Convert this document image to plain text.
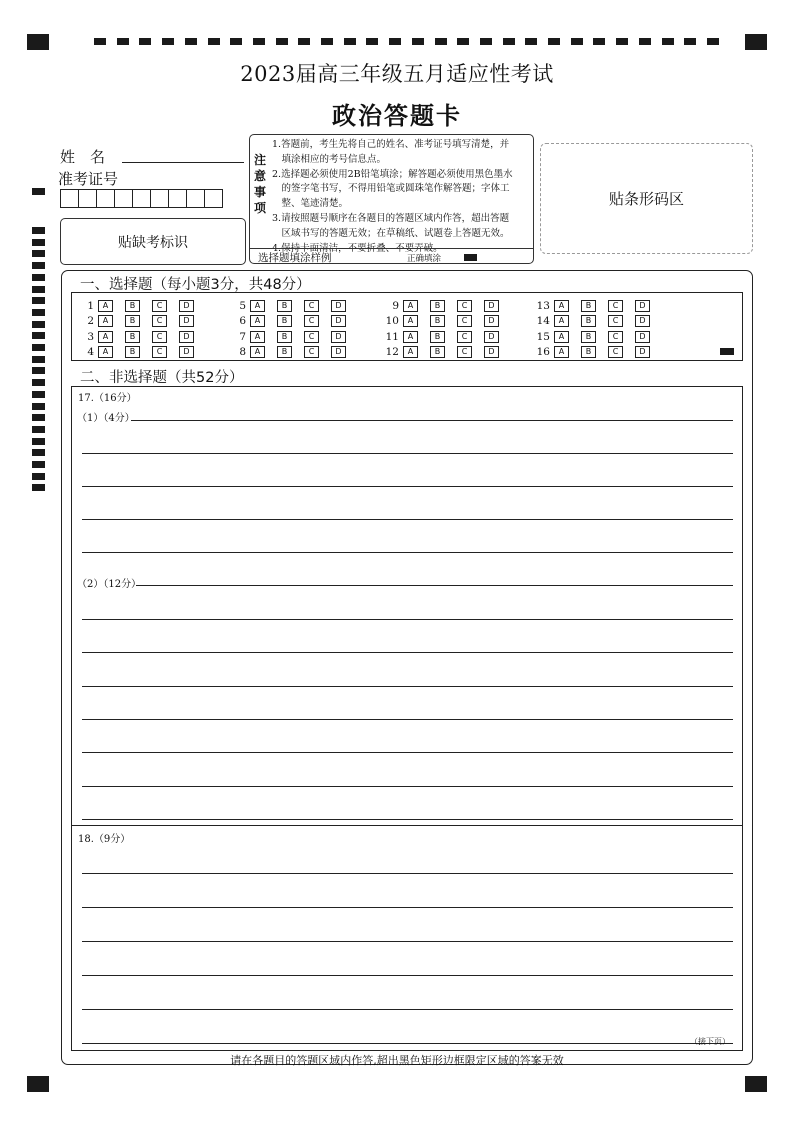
2023届高三年级五月适应性考试
政治答题卡
姓　名
准考证号
贴缺考标识
注
意
事
项
1.答题前，考生先将自己的姓名、准考证号填写清楚，并
　填涂相应的考号信息点。
2.选择题必须使用2B铅笔填涂；解答题必须使用黑色墨水
　的签字笔书写，不得用铅笔或圆珠笔作解答题；字体工
　整、笔迹清楚。
3.请按照题号顺序在各题目的答题区域内作答，超出答题
　区域书写的答题无效；在草稿纸、试题卷上答题无效。
4.保持卡面清洁，不要折叠、不要弄破。
选择题填涂样例	正确填涂
贴条形码区
一、选择题（每小题3分，共48分）
1	A	B	C	D
2	A	B	C	D
3	A	B	C	D
4	A	B	C	D
5	A	B	C	D
6	A	B	C	D
7	A	B	C	D
8	A	B	C	D
9	A	B	C	D
10	A	B	C	D
11	A	B	C	D
12	A	B	C	D
13	A	B	C	D
14	A	B	C	D
15	A	B	C	D
16	A	B	C	D
二、非选择题（共52分）
17.（16分）
（1）（4分）
（2）（12分）
18.（9分）
（接下页）
请在各题目的答题区域内作答,超出黑色矩形边框限定区域的答案无效
